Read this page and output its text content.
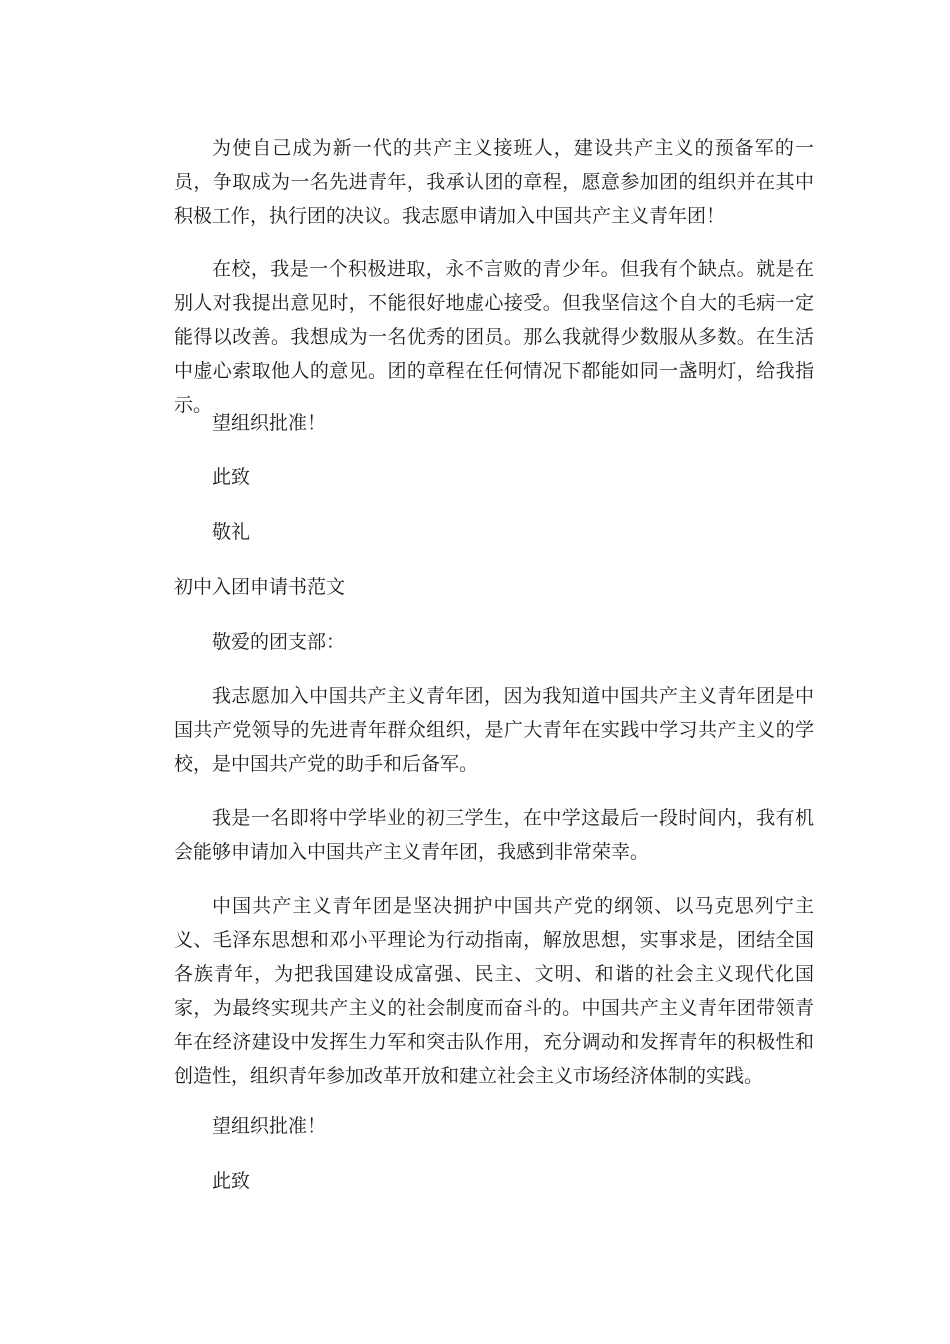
为使自己成为新一代的共产主义接班人，建设共产主义的预备军的一员，争取成为一名先进青年，我承认团的章程，愿意参加团的组织并在其中积极工作，执行团的决议。我志愿申请加入中国共产主义青年团！

在校，我是一个积极进取，永不言败的青少年。但我有个缺点。就是在别人对我提出意见时，不能很好地虚心接受。但我坚信这个自大的毛病一定能得以改善。我想成为一名优秀的团员。那么我就得少数服从多数。在生活中虚心索取他人的意见。团的章程在任何情况下都能如同一盏明灯，给我指示。

望组织批准！

此致

敬礼

初中入团申请书范文

敬爱的团支部：

我志愿加入中国共产主义青年团，因为我知道中国共产主义青年团是中国共产党领导的先进青年群众组织，是广大青年在实践中学习共产主义的学校，是中国共产党的助手和后备军。

我是一名即将中学毕业的初三学生，在中学这最后一段时间内，我有机会能够申请加入中国共产主义青年团，我感到非常荣幸。

中国共产主义青年团是坚决拥护中国共产党的纲领、以马克思列宁主义、毛泽东思想和邓小平理论为行动指南，解放思想，实事求是，团结全国各族青年，为把我国建设成富强、民主、文明、和谐的社会主义现代化国家，为最终实现共产主义的社会制度而奋斗的。中国共产主义青年团带领青年在经济建设中发挥生力军和突击队作用，充分调动和发挥青年的积极性和创造性，组织青年参加改革开放和建立社会主义市场经济体制的实践。

望组织批准！

此致
